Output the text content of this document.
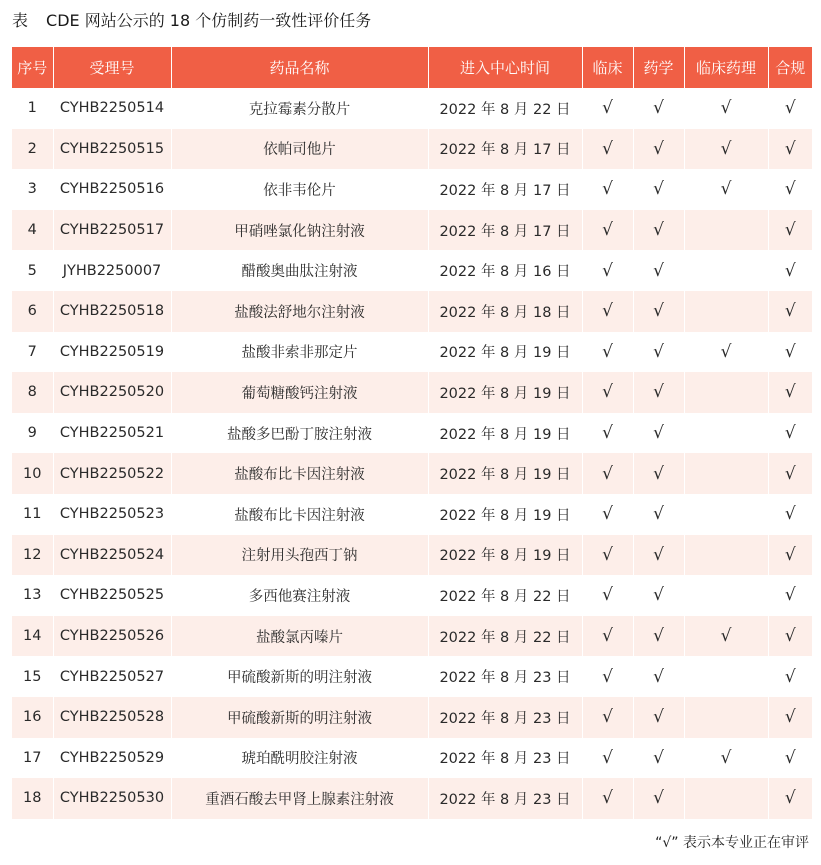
表 CDE 网站公示的 18 个仿制药一致性评价任务
序号	受理号	药品名称	进入中心时间	临床	药学	临床药理	合规
1	CYHB2250514	克拉霉素分散片	2022 年 8 月 22 日	√	√	√	√
2	CYHB2250515	依帕司他片	2022 年 8 月 17 日	√	√	√	√
3	CYHB2250516	依非韦伦片	2022 年 8 月 17 日	√	√	√	√
4	CYHB2250517	甲硝唑氯化钠注射液	2022 年 8 月 17 日	√	√		√
5	JYHB2250007	醋酸奥曲肽注射液	2022 年 8 月 16 日	√	√		√
6	CYHB2250518	盐酸法舒地尔注射液	2022 年 8 月 18 日	√	√		√
7	CYHB2250519	盐酸非索非那定片	2022 年 8 月 19 日	√	√	√	√
8	CYHB2250520	葡萄糖酸钙注射液	2022 年 8 月 19 日	√	√		√
9	CYHB2250521	盐酸多巴酚丁胺注射液	2022 年 8 月 19 日	√	√		√
10	CYHB2250522	盐酸布比卡因注射液	2022 年 8 月 19 日	√	√		√
11	CYHB2250523	盐酸布比卡因注射液	2022 年 8 月 19 日	√	√		√
12	CYHB2250524	注射用头孢西丁钠	2022 年 8 月 19 日	√	√		√
13	CYHB2250525	多西他赛注射液	2022 年 8 月 22 日	√	√		√
14	CYHB2250526	盐酸氯丙嗪片	2022 年 8 月 22 日	√	√	√	√
15	CYHB2250527	甲硫酸新斯的明注射液	2022 年 8 月 23 日	√	√		√
16	CYHB2250528	甲硫酸新斯的明注射液	2022 年 8 月 23 日	√	√		√
17	CYHB2250529	琥珀酰明胶注射液	2022 年 8 月 23 日	√	√	√	√
18	CYHB2250530	重酒石酸去甲肾上腺素注射液	2022 年 8 月 23 日	√	√		√
“√” 表示本专业正在审评
